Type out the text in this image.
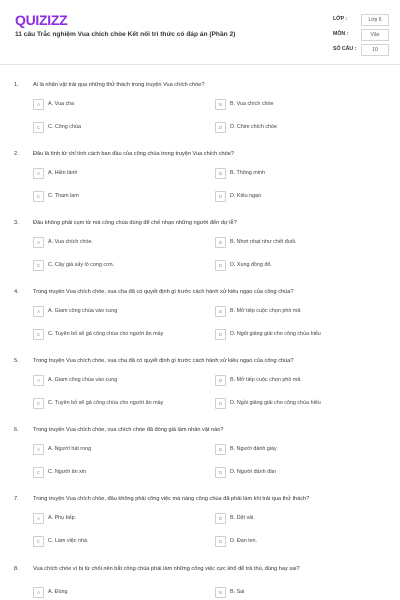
QUIZIZZ
11 câu Trắc nghiệm Vua chích chòe Kết nối tri thức có đáp án (Phần 2)
LỚP :	Lớp 6
MÔN :	Văn
SỐ CÂU :	10
1.	Ai là nhân vật trải qua những thử thách trong truyện Vua chích chòe?
A	A. Vua cha	B	B. Vua chích chòe
C	C. Công chúa	D	D. Chim chích chòe
2.	Đâu là tính từ chỉ tính cách ban đầu của công chúa trong truyện Vua chích chòe?
A	A. Hiền lành	B	B. Thông minh
C	C. Tham lam	D	D. Kiêu ngạo
3.	Đâu không phải cụm từ mà công chúa dùng để chế nhạo những người đến dự lễ?
A	A. Vua chích chòe.	B	B. Nhợt nhạt như chết đuối.
C	C. Cây giá sấy lò cong cơn.	D	D. Xung đồng đỏ.
4.	Trong truyện Vua chích chòe, vua cha đã có quyết định gì trước cách hành xử kiêu ngạo của công chúa?
A	A. Giam công chúa vào cung	B	B. Mở tiếp cuộc chọn phò mã
C	C. Tuyên bố sẽ gả công chúa cho người ăn mày	D	D. Ngôi giảng giải cho công chúa hiểu
5.	Trong truyện Vua chích chòe, vua cha đã có quyết định gì trước cách hành xử kiêu ngạo của công chúa?
A	A. Giam công chúa vào cung	B	B. Mở tiếp cuộc chọn phò mã
C	C. Tuyên bố sẽ gả công chúa cho người ăn mày	D	D. Ngồi giảng giải cho công chúa hiểu
6.	Trong truyện Vua chích chòe, vua chích chòe đã đóng giả làm nhân vật nào?
A	A. Người hát rong	B	B. Người đánh giày
C	C. Người ăn xin	D	D. Người đánh đàn
7.	Trong truyện Vua chích chòe, đâu không phải công việc mà nàng công chúa đã phải làm khi trải qua thử thách?
A	A. Phụ bếp.	B	B. Dệt vải.
C	C. Làm việc nhà.	D	D. Đan len.
8.	Vua chích chòe vì bị từ chối nên bắt công chúa phải làm những công việc cực khổ để trả thù, đúng hay sai?
A	A. Đúng	B	B. Sai
